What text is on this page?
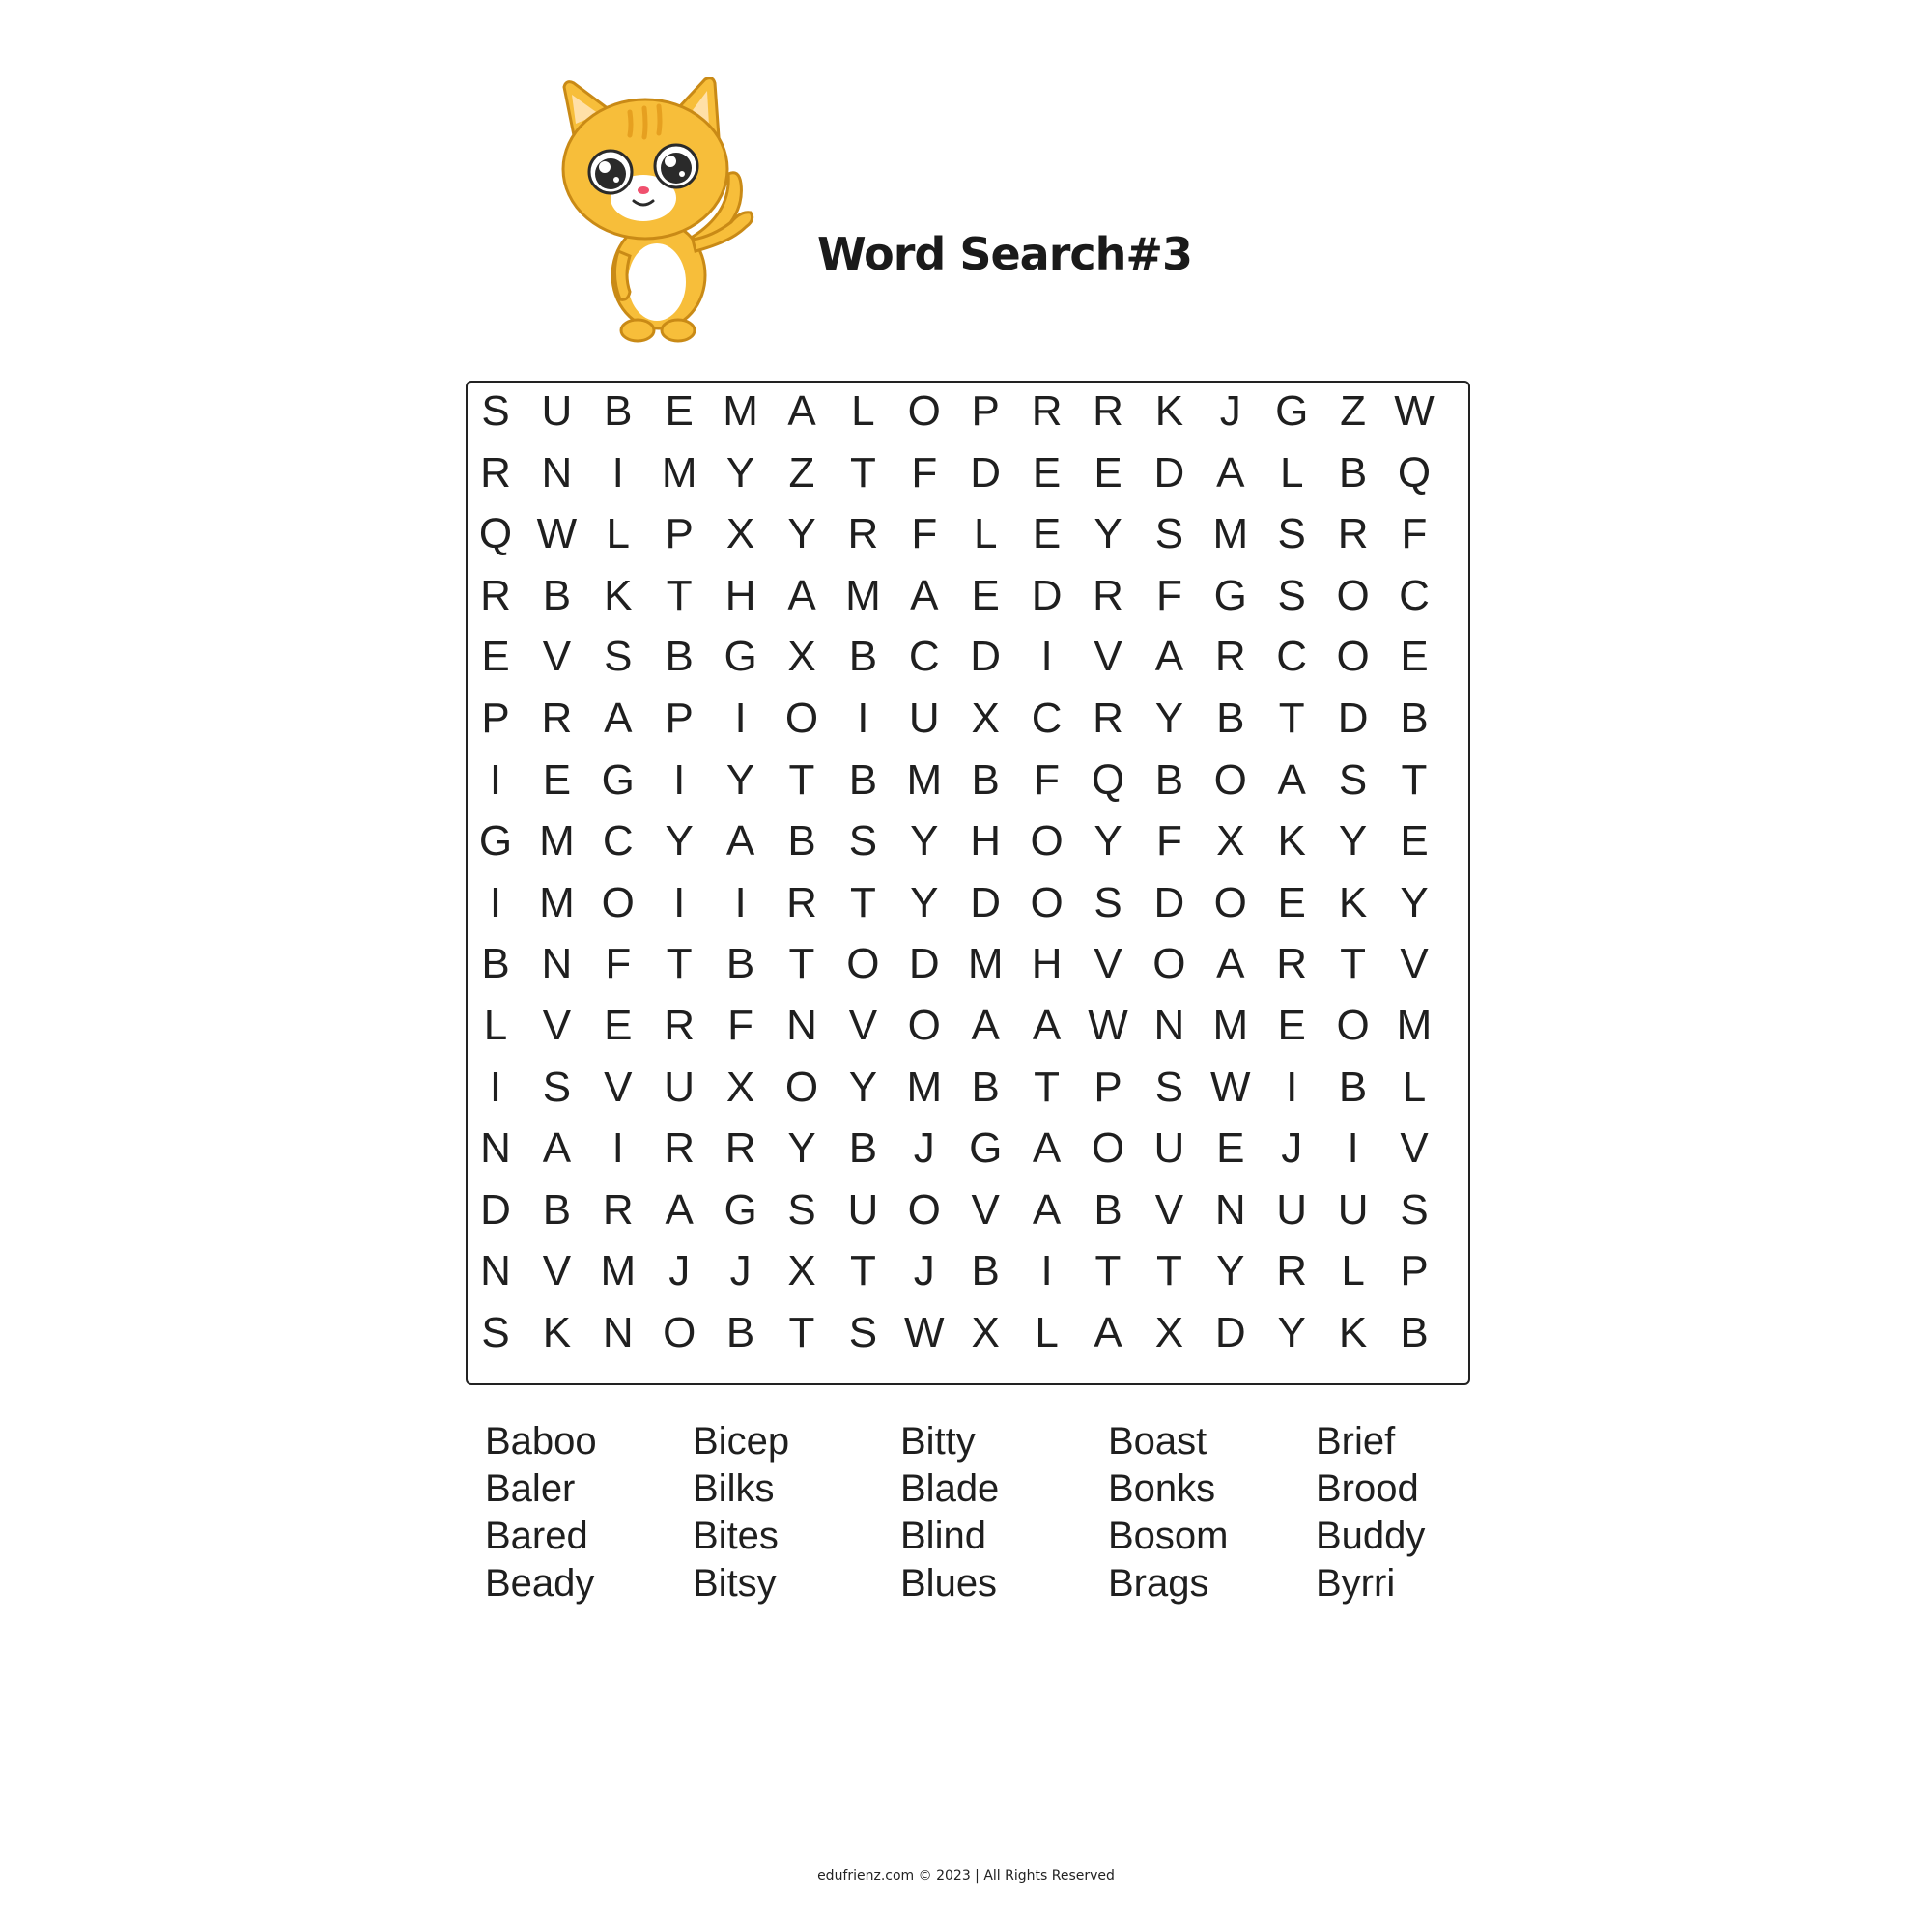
Word Search#3
S U B E M A L O P R R K J G Z W
R N I M Y Z T F D E E D A L B Q
Q W L P X Y R F L E Y S M S R F
R B K T H A M A E D R F G S O C
E V S B G X B C D I V A R C O E
P R A P I O I U X C R Y B T D B
I E G I Y T B M B F Q B O A S T
G M C Y A B S Y H O Y F X K Y E
I M O I	I R T Y D O S D O E K Y
B N F T B T O D M H V O A R T V
L V E R F N V O A A W N M E O M
I S V U X O Y M B T P S W I B L
N A I R R Y B J G A O U E J	I V
D B R A G S U O V A B V N U U S
N V M J J X T J B I T T Y R L P
S K N O B T S W X L A X D Y K B
Baboo
Baler
Bared
Beady
Bicep
Bilks
Bites
Bitsy
Bitty
Blade
Blind
Blues
Boast
Bonks
Bosom
Brags
Brief
Brood
Buddy
Byrri
edufrienz.com © 2023 | All Rights Reserved
